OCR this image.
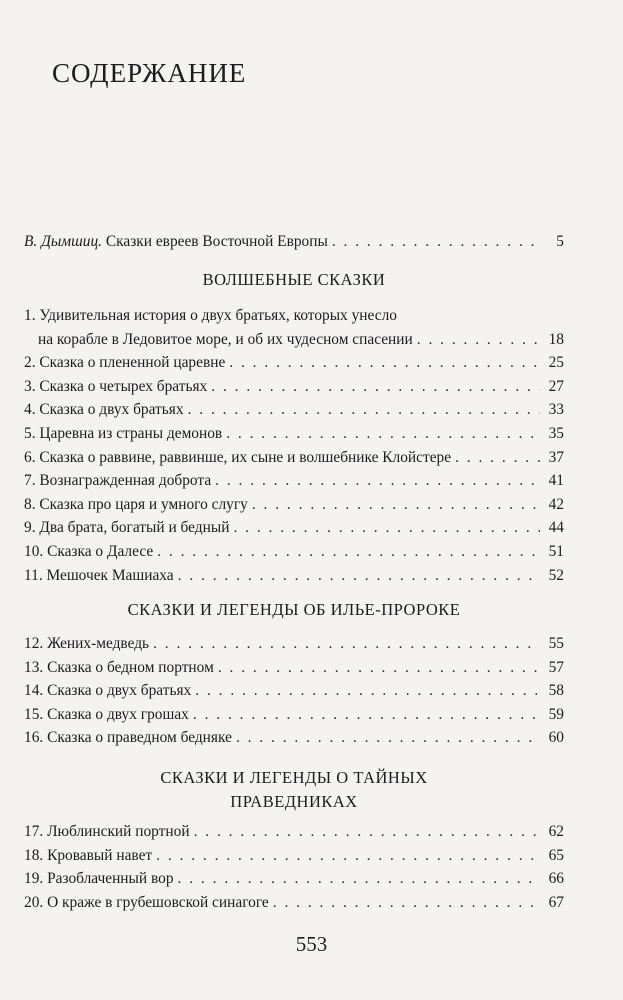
СОДЕРЖАНИЕ
В. Дымшиц. Сказки евреев Восточной Европы . . .	5
ВОЛШЕБНЫЕ СКАЗКИ
1. Удивительная история о двух братьях, которых унесло
на корабле в Ледовитое море, и об их чудесном спасении . . .	18
2. Сказка о плененной царевне . . .	25
3. Сказка о четырех братьях . . .	27
4. Сказка о двух братьях . . .	33
5. Царевна из страны демонов . . .	35
6. Сказка о раввине, раввинше, их сыне и волшебнике Клойстере . . .	37
7. Вознагражденная доброта . . .	41
8. Сказка про царя и умного слугу . . .	42
9. Два брата, богатый и бедный . . .	44
10. Сказка о Далесе . . .	51
11. Мешочек Машиаха . . .	52
СКАЗКИ И ЛЕГЕНДЫ ОБ ИЛЬЕ-ПРОРОКЕ
12. Жених-медведь . . .	55
13. Сказка о бедном портном . . .	57
14. Сказка о двух братьях . . .	58
15. Сказка о двух грошах . . .	59
16. Сказка о праведном бедняке . . .	60
СКАЗКИ И ЛЕГЕНДЫ О ТАЙНЫХ
ПРАВЕДНИКАХ
17. Люблинский портной . . .	62
18. Кровавый навет . . .	65
19. Разоблаченный вор . . .	66
20. О краже в грубешовской синагоге . . .	67
553
